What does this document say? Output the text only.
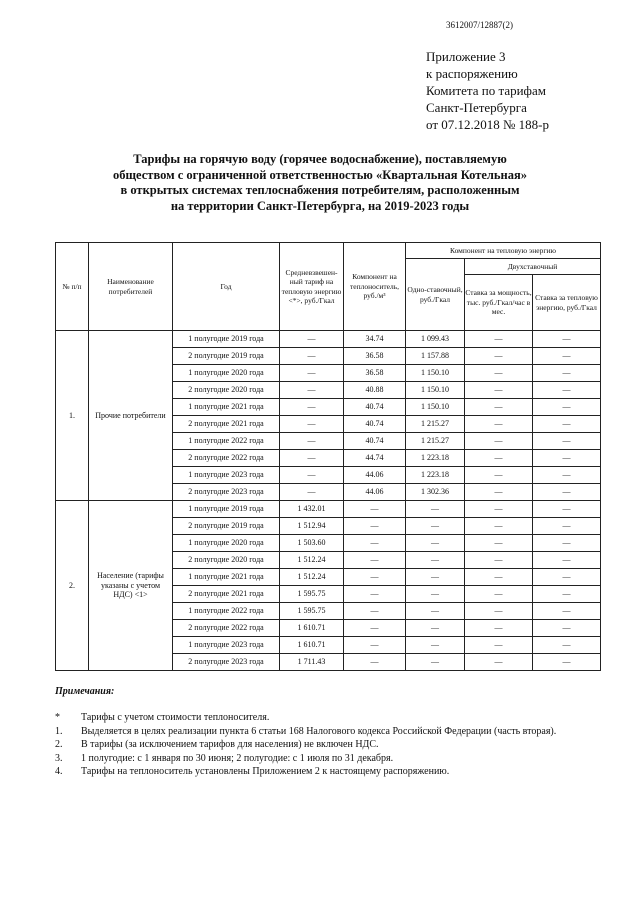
3612007/12887(2)
Приложение 3
к распоряжению
Комитета по тарифам
Санкт-Петербурга
от 07.12.2018 № 188-р
Тарифы на горячую воду (горячее водоснабжение), поставляемую
обществом с ограниченной ответственностью «Квартальная Котельная»
в открытых системах теплоснабжения потребителям, расположенным
на территории Санкт-Петербурга, на 2019-2023 годы
№ п/п	Наименование потребителей	Год	Средневзвешен-ный тариф на тепловую энергию <*>, руб./Гкал	Компонент на теплоноситель, руб./м³	Компонент на тепловую энергию		
					Одно-ставочный, руб./Гкал	Двухставочный	
						Ставка за мощность, тыс. руб./Гкал/час в мес.	Ставка за тепловую энергию, руб./Гкал
1.	Прочие потребители	1 полугодие 2019 года	—	34.74	1 099.43	—	—
		2 полугодие 2019 года	—	36.58	1 157.88	—	—
		1 полугодие 2020 года	—	36.58	1 150.10	—	—
		2 полугодие 2020 года	—	40.88	1 150.10	—	—
		1 полугодие 2021 года	—	40.74	1 150.10	—	—
		2 полугодие 2021 года	—	40.74	1 215.27	—	—
		1 полугодие 2022 года	—	40.74	1 215.27	—	—
		2 полугодие 2022 года	—	44.74	1 223.18	—	—
		1 полугодие 2023 года	—	44.06	1 223.18	—	—
		2 полугодие 2023 года	—	44.06	1 302.36	—	—
2.	Население (тарифы указаны с учетом НДС) <1>	1 полугодие 2019 года	1 432.01	—	—	—	—
		2 полугодие 2019 года	1 512.94	—	—	—	—
		1 полугодие 2020 года	1 503.60	—	—	—	—
		2 полугодие 2020 года	1 512.24	—	—	—	—
		1 полугодие 2021 года	1 512.24	—	—	—	—
		2 полугодие 2021 года	1 595.75	—	—	—	—
		1 полугодие 2022 года	1 595.75	—	—	—	—
		2 полугодие 2022 года	1 610.71	—	—	—	—
		1 полугодие 2023 года	1 610.71	—	—	—	—
		2 полугодие 2023 года	1 711.43	—	—	—	—
Примечания:
*	Тарифы с учетом стоимости теплоносителя.
1.	Выделяется в целях реализации пункта 6 статьи 168 Налогового кодекса Российской Федерации (часть вторая).
2.	В тарифы (за исключением тарифов для населения) не включен НДС.
3.	1 полугодие: с 1 января по 30 июня; 2 полугодие: с 1 июля по 31 декабря.
4.	Тарифы на теплоноситель установлены Приложением 2 к настоящему распоряжению.
